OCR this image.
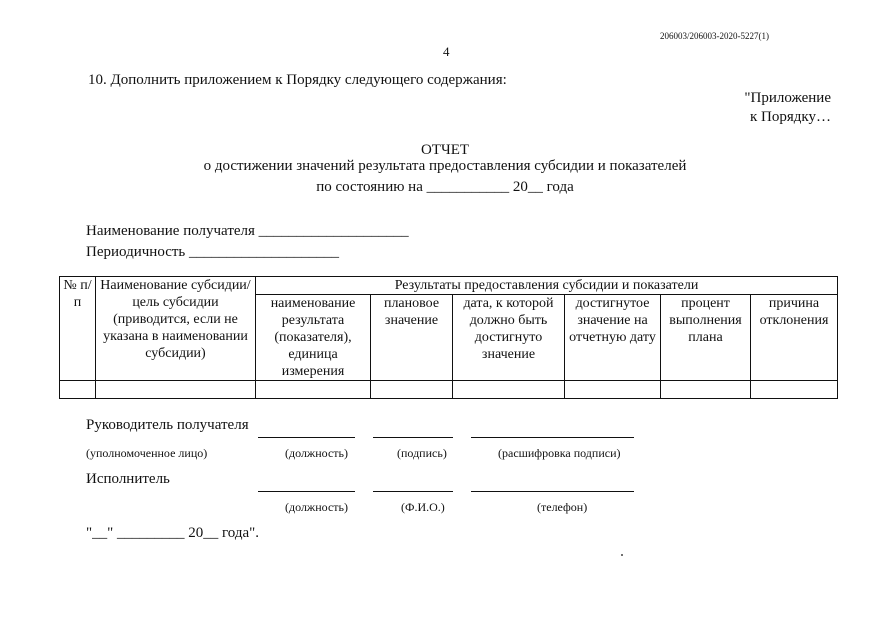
206003/206003-2020-5227(1)
4
10. Дополнить приложением к Порядку следующего содержания:
"Приложение
к Порядку…
ОТЧЕТ
о достижении значений результата предоставления субсидии и показателей
по состоянию на ___________ 20__ года
Наименование получателя ____________________
Периодичность ____________________
№ п/п	Наименование субсидии/цель субсидии (приводится, если не указана в наименовании субсидии)	Результаты предоставления субсидии и показатели					
		наименование результата (показателя), единица измерения	плановое значение	дата, к которой должно быть достигнуто значение	достигнутое значение на отчетную дату	процент выполнения плана	причина отклонения

Руководитель получателя
(уполномоченное лицо)	(должность)	(подпись)	(расшифровка подписи)
Исполнитель
(должность)	(Ф.И.О.)	(телефон)
"__" _________ 20__ года".
